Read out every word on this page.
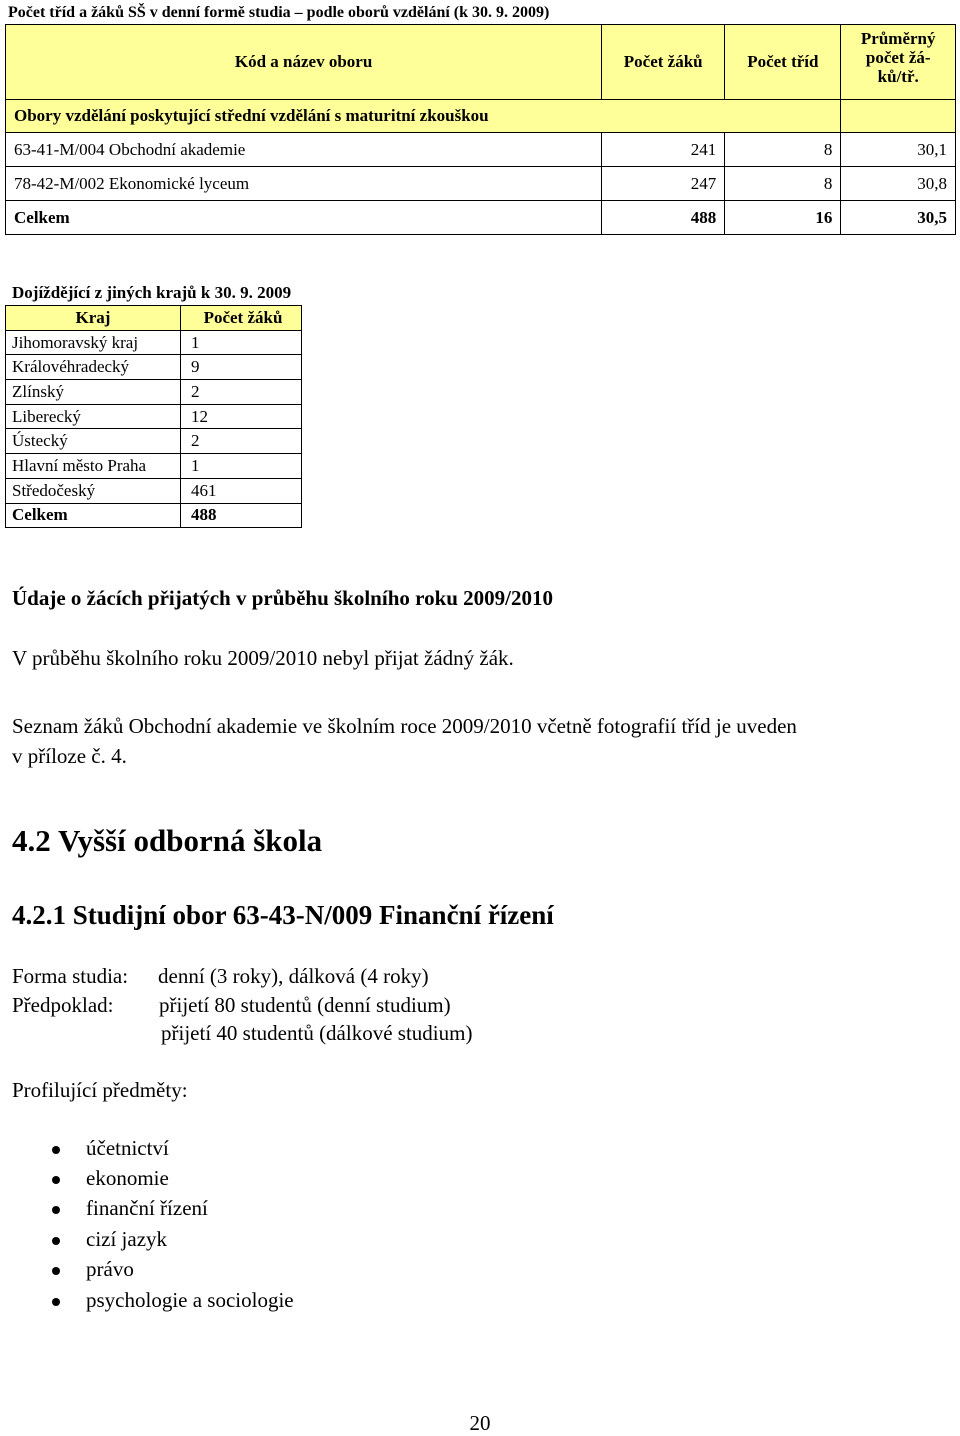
Počet tříd a žáků SŠ v denní formě studia – podle oborů vzdělání (k 30. 9. 2009)
Kód a název oboru	Počet žáků	Počet tříd	Průměrný počet žá-ků/tř.
Obory vzdělání poskytující střední vzdělání s maturitní zkouškou			
63-41-M/004 Obchodní akademie	241	8	30,1
78-42-M/002 Ekonomické lyceum	247	8	30,8
Celkem	488	16	30,5
Dojíždějící z jiných krajů k 30. 9. 2009
Kraj	Počet žáků
Jihomoravský kraj	1
Královéhradecký	9
Zlínský	2
Liberecký	12
Ústecký	2
Hlavní město Praha	1
Středočeský	461
Celkem	488
Údaje o žácích přijatých v průběhu školního roku 2009/2010
V průběhu školního roku 2009/2010 nebyl přijat žádný žák.
Seznam žáků Obchodní akademie ve školním roce 2009/2010 včetně fotografií tříd je uveden
v příloze č. 4.
4.2 Vyšší odborná škola
4.2.1 Studijní obor 63-43-N/009 Finanční řízení
Forma studia: denní (3 roky), dálková (4 roky)
Předpoklad: přijetí 80 studentů (denní studium)
přijetí 40 studentů (dálkové studium)
Profilující předměty:
účetnictví
ekonomie
finanční řízení
cizí jazyk
právo
psychologie a sociologie
20
